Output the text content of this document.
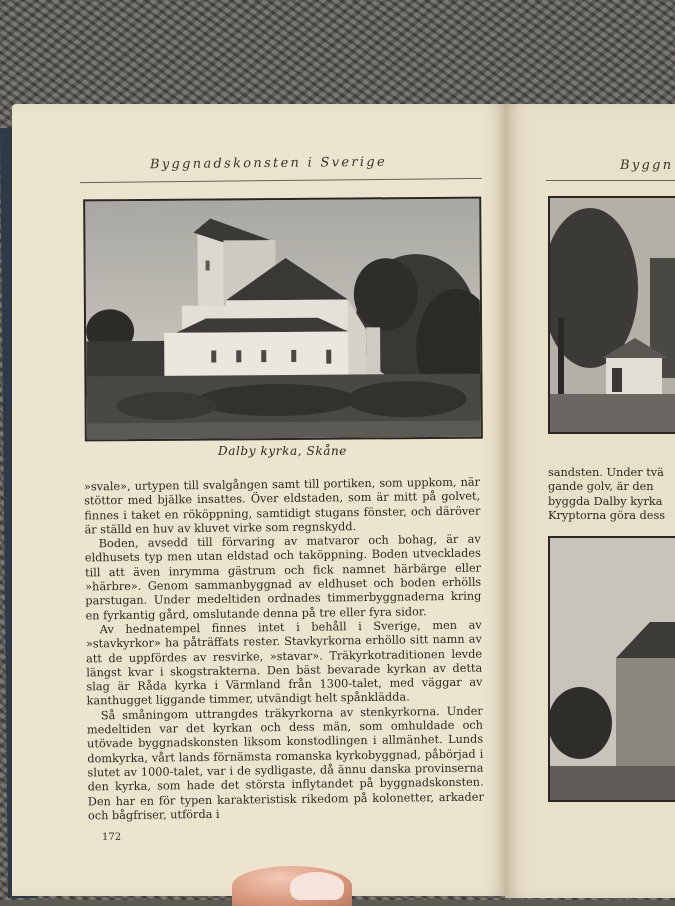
Byggnadskonsten i Sverige
Dalby kyrka, Skåne

»svale», urtypen till svalgången samt till portiken, som uppkom, när stöttor med bjälke insattes. Över eldstaden, som är mitt på golvet, finnes i taket en rököppning, samtidigt stugans fönster, och däröver är ställd en huv av kluvet virke som regnskydd.

Boden, avsedd till förvaring av matvaror och bohag, är av eldhusets typ men utan eldstad och taköppning. Boden utvecklades till att även inrymma gästrum och fick namnet härbärge eller »härbre». Genom sammanbyggnad av eldhuset och boden erhölls parstugan. Under medeltiden ordnades timmerbyggnaderna kring en fyrkantig gård, omslutande denna på tre eller fyra sidor.

Av hednatempel finnes intet i behåll i Sverige, men av »stavkyrkor» ha påträffats rester. Stavkyrkorna erhöllo sitt namn av att de uppfördes av resvirke, »stavar». Träkyrkotraditionen levde längst kvar i skogstrakterna. Den bäst bevarade kyrkan av detta slag är Råda kyrka i Värmland från 1300-talet, med väggar av kanthugget liggande timmer, utvändigt helt spånklädda.

Så småningom uttrangdes träkyrkorna av stenkyrkorna. Under medeltiden var det kyrkan och dess män, som omhuldade och utövade byggnadskonsten liksom konstodlingen i allmänhet. Lunds domkyrka, vårt lands förnämsta romanska kyrkobyggnad, påbörjad i slutet av 1000-talet, var i de sydligaste, då ännu danska provinserna den kyrka, som hade det största inflytandet på byggnadskonsten. Den har en för typen karakteristisk rikedom på kolonetter, arkader och bågfriser, utförda i

172
Byggn
sandsten. Under tvä
gande golv, är den
byggda Dalby kyrka
Kryptorna göra dess
